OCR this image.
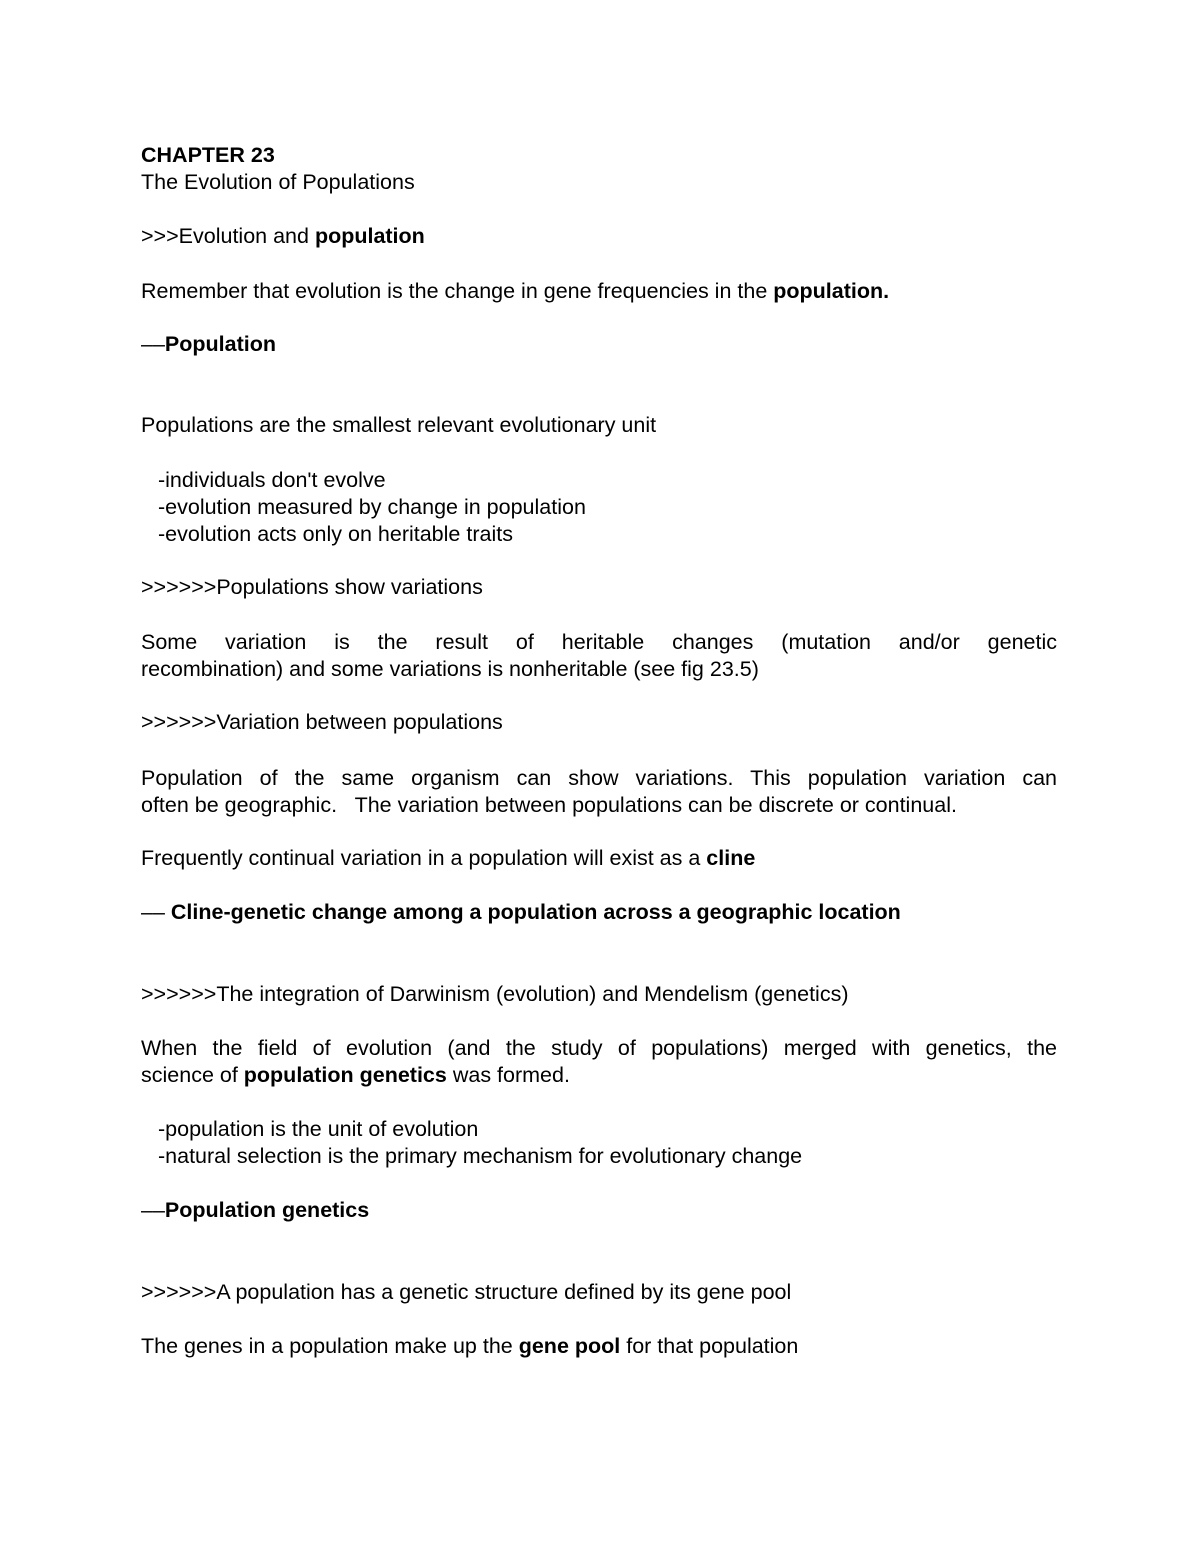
CHAPTER 23
The Evolution of Populations
>>>Evolution and population
Remember that evolution is the change in gene frequencies in the population.
––Population
Populations are the smallest relevant evolutionary unit
-individuals don't evolve
-evolution measured by change in population
-evolution acts only on heritable traits
>>>>>>Populations show variations
Some variation is the result of heritable changes (mutation and/or genetic
recombination) and some variations is nonheritable (see fig 23.5)
>>>>>>Variation between populations
Population of the same organism can show variations. This population variation can
often be geographic.   The variation between populations can be discrete or continual.
Frequently continual variation in a population will exist as a cline
–– Cline-genetic change among a population across a geographic location
>>>>>>The integration of Darwinism (evolution) and Mendelism (genetics)
When the field of evolution (and the study of populations) merged with genetics, the
science of population genetics was formed.
-population is the unit of evolution
-natural selection is the primary mechanism for evolutionary change
––Population genetics
>>>>>>A population has a genetic structure defined by its gene pool
The genes in a population make up the gene pool for that population
